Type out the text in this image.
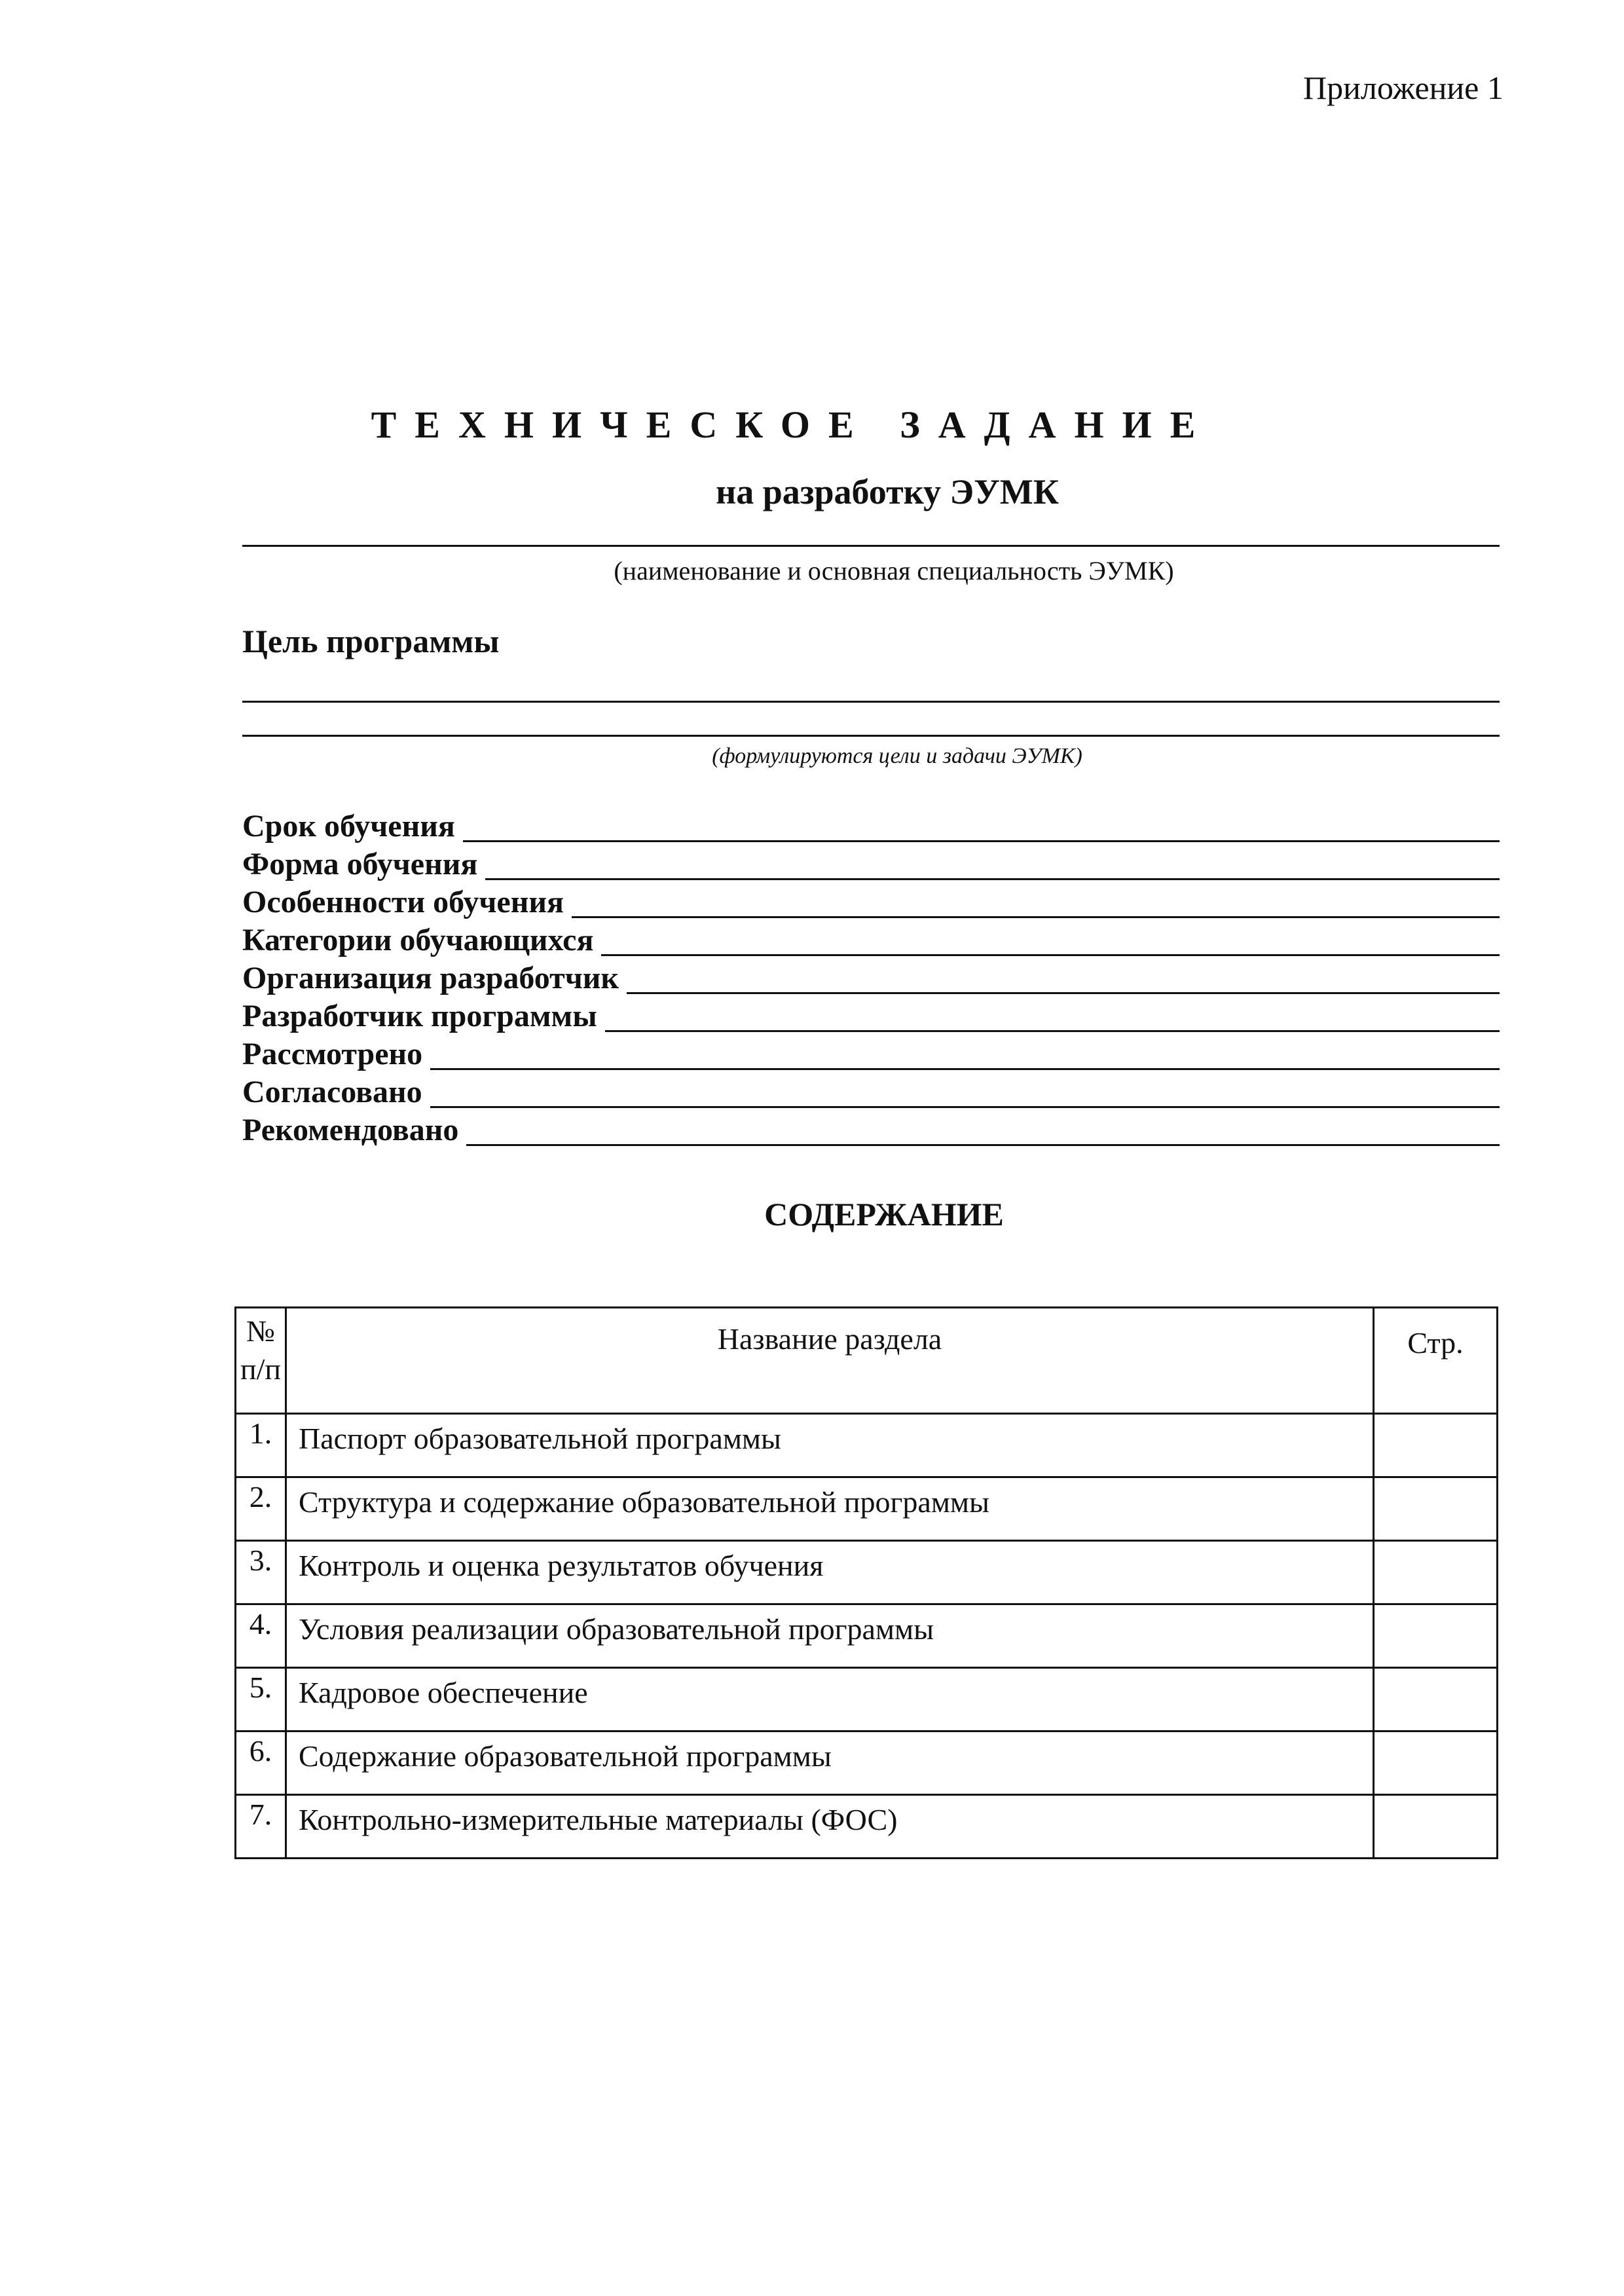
Приложение 1
ТЕХНИЧЕСКОЕ ЗАДАНИЕ
на разработку ЭУМК
(наименование и основная специальность ЭУМК)
Цель программы
(формулируются цели и задачи ЭУМК)
Срок обучения
Форма обучения
Особенности обучения
Категории обучающихся
Организация разработчик
Разработчик программы
Рассмотрено
Согласовано
Рекомендовано
СОДЕРЖАНИЕ
№
п/п	Название раздела	Стр.
1.	Паспорт образовательной программы	
2.	Структура и содержание образовательной программы	
3.	Контроль и оценка результатов обучения	
4.	Условия реализации образовательной программы	
5.	Кадровое обеспечение	
6.	Содержание образовательной программы	
7.	Контрольно-измерительные материалы (ФОС)	
